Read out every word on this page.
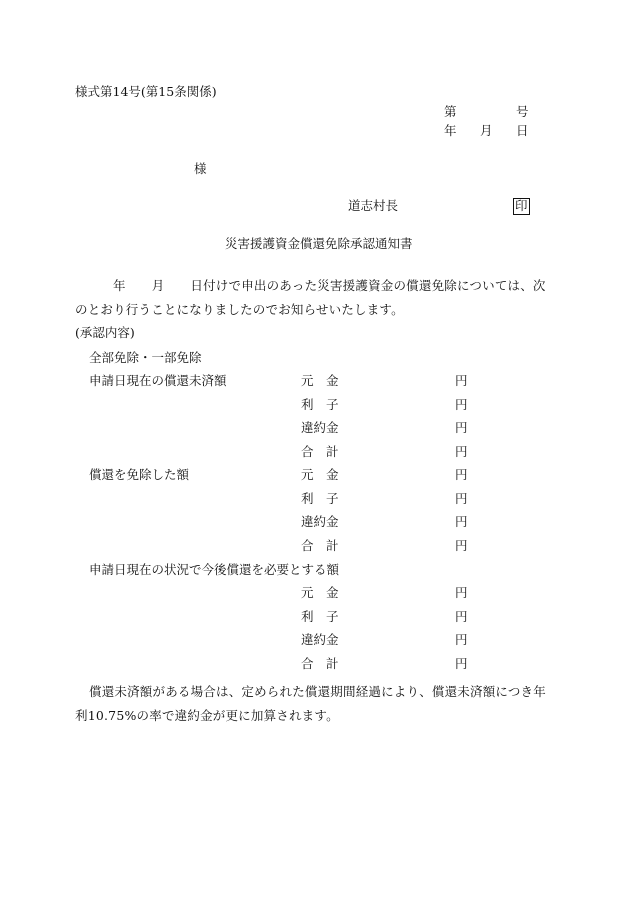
様式第14号(第15条関係)
第	号
年 月 日
様
道志村長	印
災害援護資金償還免除承認通知書
年 月 日付けで申出のあった災害援護資金の償還免除については、次のとおり行うことになりましたのでお知らせいたします。
(承認内容)
全部免除・一部免除
申請日現在の償還未済額	元　金	円
利　子	円
違約金	円
合　計	円
償還を免除した額	元　金	円
利　子	円
違約金	円
合　計	円
申請日現在の状況で今後償還を必要とする額
元　金	円
利　子	円
違約金	円
合　計	円
償還未済額がある場合は、定められた償還期間経過により、償還未済額につき年利10.75%の率で違約金が更に加算されます。
